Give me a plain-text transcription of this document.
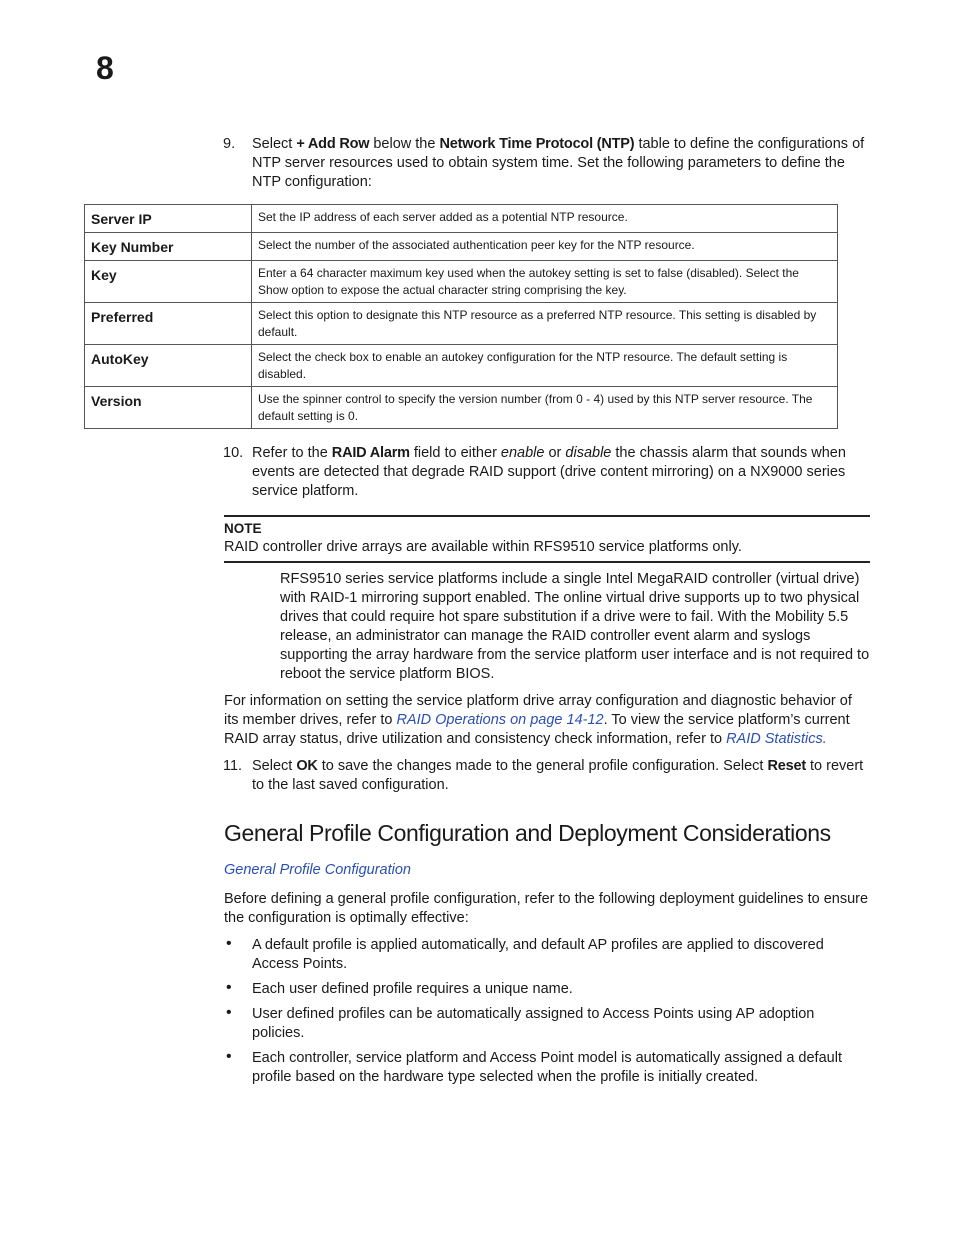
8

9. Select + Add Row below the Network Time Protocol (NTP) table to define the configurations of NTP server resources used to obtain system time. Set the following parameters to define the NTP configuration:

Server IP	Set the IP address of each server added as a potential NTP resource.
Key Number	Select the number of the associated authentication peer key for the NTP resource.
Key	Enter a 64 character maximum key used when the autokey setting is set to false (disabled). Select the Show option to expose the actual character string comprising the key.
Preferred	Select this option to designate this NTP resource as a preferred NTP resource. This setting is disabled by default.
AutoKey	Select the check box to enable an autokey configuration for the NTP resource. The default setting is disabled.
Version	Use the spinner control to specify the version number (from 0 - 4) used by this NTP server resource. The default setting is 0.

10. Refer to the RAID Alarm field to either enable or disable the chassis alarm that sounds when events are detected that degrade RAID support (drive content mirroring) on a NX9000 series service platform.

NOTE
RAID controller drive arrays are available within RFS9510 service platforms only.

RFS9510 series service platforms include a single Intel MegaRAID controller (virtual drive) with RAID-1 mirroring support enabled. The online virtual drive supports up to two physical drives that could require hot spare substitution if a drive were to fail. With the Mobility 5.5 release, an administrator can manage the RAID controller event alarm and syslogs supporting the array hardware from the service platform user interface and is not required to reboot the service platform BIOS.

For information on setting the service platform drive array configuration and diagnostic behavior of its member drives, refer to RAID Operations on page 14-12. To view the service platform’s current RAID array status, drive utilization and consistency check information, refer to RAID Statistics.

11. Select OK to save the changes made to the general profile configuration. Select Reset to revert to the last saved configuration.

General Profile Configuration and Deployment Considerations
General Profile Configuration

Before defining a general profile configuration, refer to the following deployment guidelines to ensure the configuration is optimally effective:

• A default profile is applied automatically, and default AP profiles are applied to discovered Access Points.
• Each user defined profile requires a unique name.
• User defined profiles can be automatically assigned to Access Points using AP adoption policies.
• Each controller, service platform and Access Point model is automatically assigned a default profile based on the hardware type selected when the profile is initially created.
